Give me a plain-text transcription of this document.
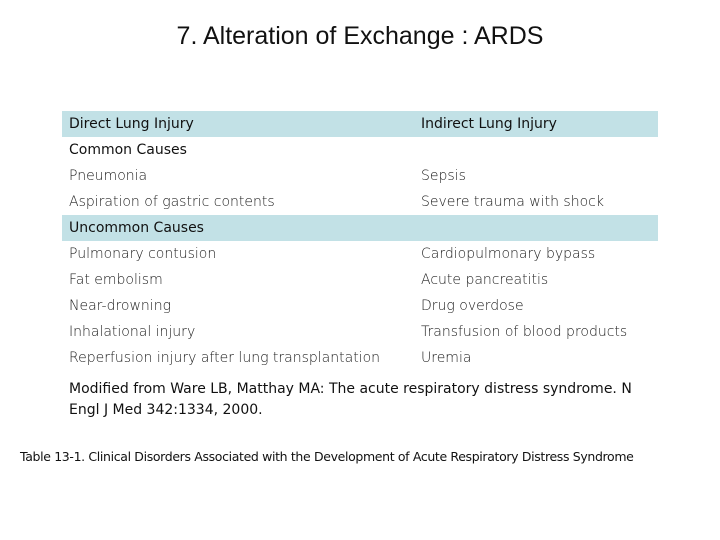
7. Alteration of Exchange : ARDS
Direct Lung Injury	Indirect Lung Injury
Common Causes
Pneumonia	Sepsis
Aspiration of gastric contents	Severe trauma with shock
Uncommon Causes
Pulmonary contusion	Cardiopulmonary bypass
Fat embolism	Acute pancreatitis
Near-drowning	Drug overdose
Inhalational injury	Transfusion of blood products
Reperfusion injury after lung transplantation	Uremia
Modified from Ware LB, Matthay MA: The acute respiratory distress syndrome. N Engl J Med 342:1334, 2000.
Table 13-1. Clinical Disorders Associated with the Development of Acute Respiratory Distress Syndrome
